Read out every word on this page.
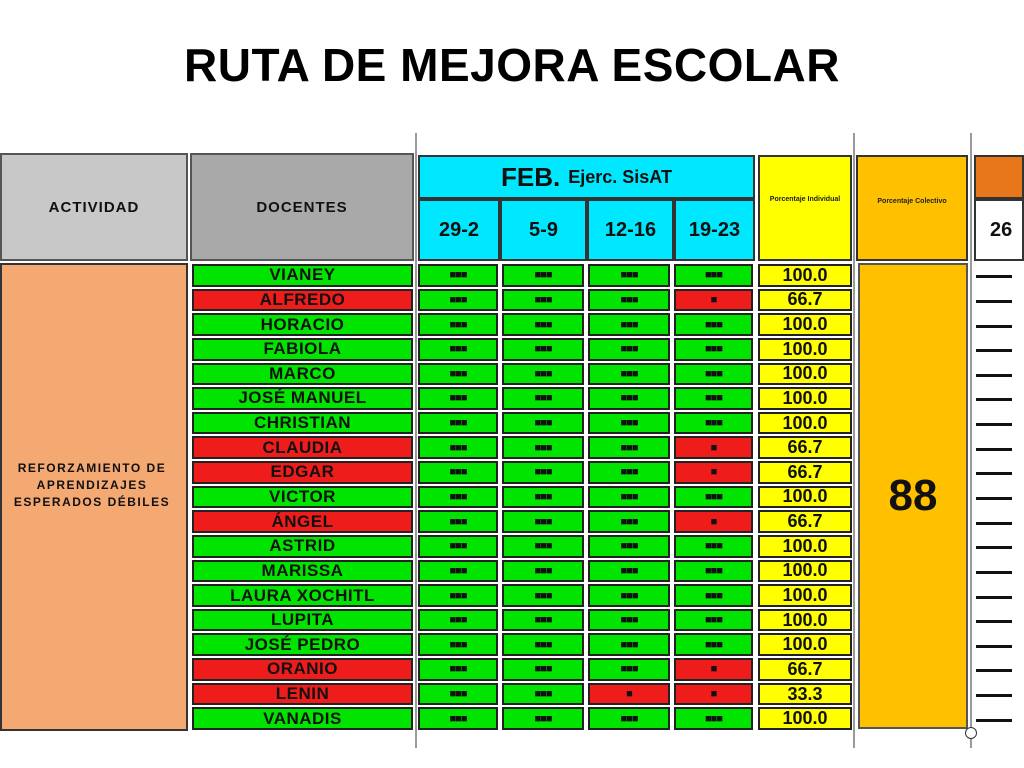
RUTA DE MEJORA ESCOLAR
ACTIVIDAD	DOCENTES
FEB. Ejerc. SisAT
29-2	5-9	12-16	19-23
Porcentaje Individual	Porcentaje Colectivo
26
REFORZAMIENTO DE APRENDIZAJES ESPERADOS DÉBILES	88
VIANEY	■■■	■■■	■■■	■■■	100.0
ALFREDO	■■■	■■■	■■■	■	66.7
HORACIO	■■■	■■■	■■■	■■■	100.0
FABIOLA	■■■	■■■	■■■	■■■	100.0
MARCO	■■■	■■■	■■■	■■■	100.0
JOSÉ MANUEL	■■■	■■■	■■■	■■■	100.0
CHRISTIAN	■■■	■■■	■■■	■■■	100.0
CLAUDIA	■■■	■■■	■■■	■	66.7
EDGAR	■■■	■■■	■■■	■	66.7
VICTOR	■■■	■■■	■■■	■■■	100.0
ÁNGEL	■■■	■■■	■■■	■	66.7
ASTRID	■■■	■■■	■■■	■■■	100.0
MARISSA	■■■	■■■	■■■	■■■	100.0
LAURA XOCHITL	■■■	■■■	■■■	■■■	100.0
LUPITA	■■■	■■■	■■■	■■■	100.0
JOSÉ PEDRO	■■■	■■■	■■■	■■■	100.0
ORANIO	■■■	■■■	■■■	■	66.7
LENIN	■■■	■■■	■	■	33.3
VANADIS	■■■	■■■	■■■	■■■	100.0
